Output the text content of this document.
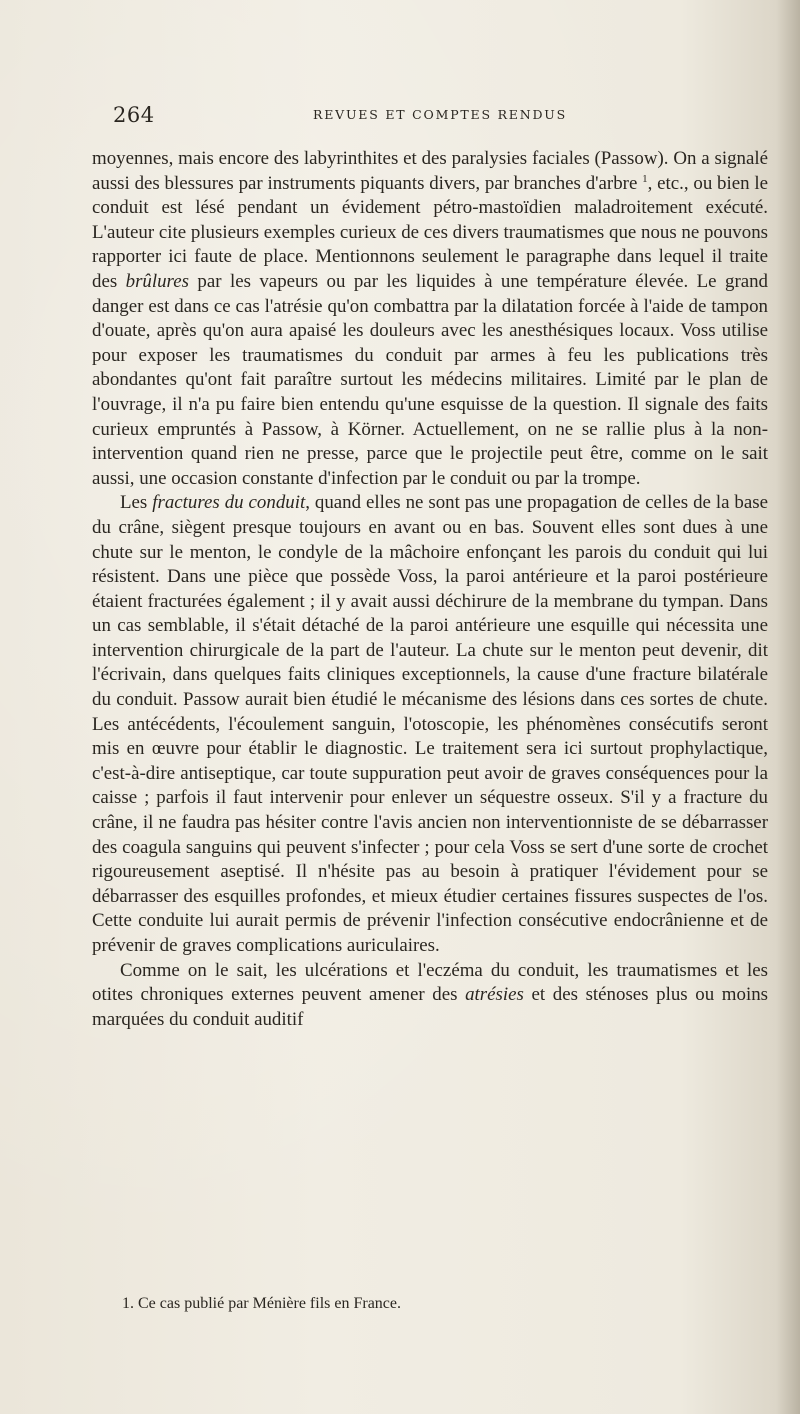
264	REVUES ET COMPTES RENDUS

moyennes, mais encore des labyrinthites et des paralysies faciales (Passow). On a signalé aussi des blessures par instruments piquants divers, par branches d'arbre $^1$, etc., ou bien le conduit est lésé pendant un évidement pétro-mastoïdien maladroitement exécuté. L'auteur cite plusieurs exemples curieux de ces divers traumatismes que nous ne pouvons rapporter ici faute de place. Mentionnons seulement le paragraphe dans lequel il traite des brûlures par les vapeurs ou par les liquides à une température élevée. Le grand danger est dans ce cas l'atrésie qu'on combattra par la dilatation forcée à l'aide de tampon d'ouate, après qu'on aura apaisé les douleurs avec les anesthésiques locaux. Voss utilise pour exposer les traumatismes du conduit par armes à feu les publications très abondantes qu'ont fait paraître surtout les médecins militaires. Limité par le plan de l'ouvrage, il n'a pu faire bien entendu qu'une esquisse de la question. Il signale des faits curieux empruntés à Passow, à Körner. Actuellement, on ne se rallie plus à la non-intervention quand rien ne presse, parce que le projectile peut être, comme on le sait aussi, une occasion constante d'infection par le conduit ou par la trompe.

Les fractures du conduit, quand elles ne sont pas une propagation de celles de la base du crâne, siègent presque toujours en avant ou en bas. Souvent elles sont dues à une chute sur le menton, le condyle de la mâchoire enfonçant les parois du conduit qui lui résistent. Dans une pièce que possède Voss, la paroi antérieure et la paroi postérieure étaient fracturées également ; il y avait aussi déchirure de la membrane du tympan. Dans un cas semblable, il s'était détaché de la paroi antérieure une esquille qui nécessita une intervention chirurgicale de la part de l'auteur. La chute sur le menton peut devenir, dit l'écrivain, dans quelques faits cliniques exceptionnels, la cause d'une fracture bilatérale du conduit. Passow aurait bien étudié le mécanisme des lésions dans ces sortes de chute. Les antécédents, l'écoulement sanguin, l'otoscopie, les phénomènes consécutifs seront mis en œuvre pour établir le diagnostic. Le traitement sera ici surtout prophylactique, c'est-à-dire antiseptique, car toute suppuration peut avoir de graves conséquences pour la caisse ; parfois il faut intervenir pour enlever un séquestre osseux. S'il y a fracture du crâne, il ne faudra pas hésiter contre l'avis ancien non interventionniste de se débarrasser des coagula sanguins qui peuvent s'infecter ; pour cela Voss se sert d'une sorte de crochet rigoureusement aseptisé. Il n'hésite pas au besoin à pratiquer l'évidement pour se débarrasser des esquilles profondes, et mieux étudier certaines fissures suspectes de l'os. Cette conduite lui aurait permis de prévenir l'infection consécutive endocrânienne et de prévenir de graves complications auriculaires.

Comme on le sait, les ulcérations et l'eczéma du conduit, les traumatismes et les otites chroniques externes peuvent amener des atrésies et des sténoses plus ou moins marquées du conduit auditif

1. Ce cas publié par Ménière fils en France.
